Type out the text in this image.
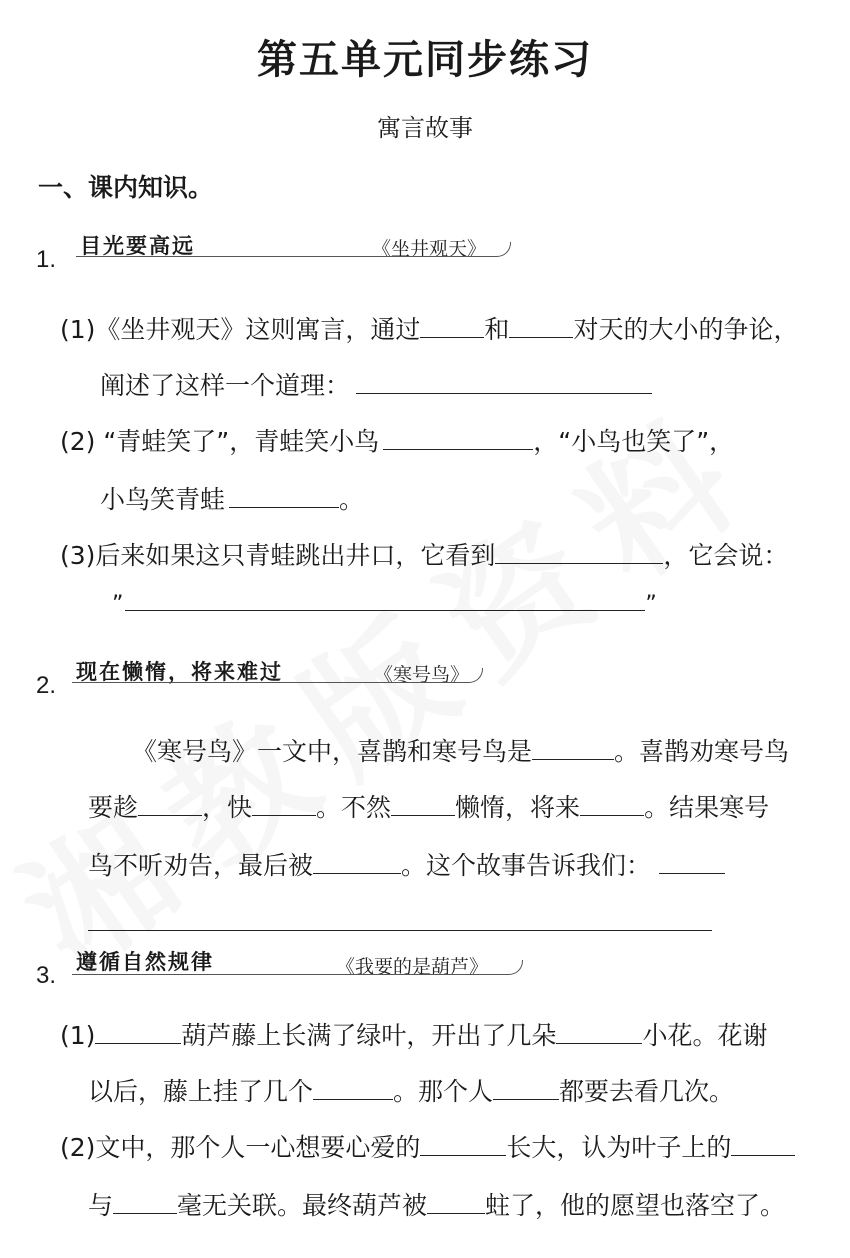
第五单元同步练习
寓言故事
一、课内知识。
1. 目光要高远	《坐井观天》
(1)《坐井观天》这则寓言，通过	和	对天的大小的争论，
阐述了这样一个道理：
(2) “青蛙笑了”，青蛙笑小鸟	，“小鸟也笑了”，
小鸟笑青蛙	。
(3)后来如果这只青蛙跳出井口，它看到	，它会说：
”	”
2. 现在懒惰，将来难过	《寒号鸟》
《寒号鸟》一文中，喜鹊和寒号鸟是	。喜鹊劝寒号鸟
要趁	，快	。不然	懒惰，将来	。结果寒号
鸟不听劝告，最后被	。这个故事告诉我们：
3. 遵循自然规律	《我要的是葫芦》
(1)	葫芦藤上长满了绿叶，开出了几朵	小花。花谢
以后，藤上挂了几个	。那个人	都要去看几次。
(2)文中，那个人一心想要心爱的	长大，认为叶子上的
与	毫无关联。最终葫芦被 蛀了，他的愿望也落空了。
